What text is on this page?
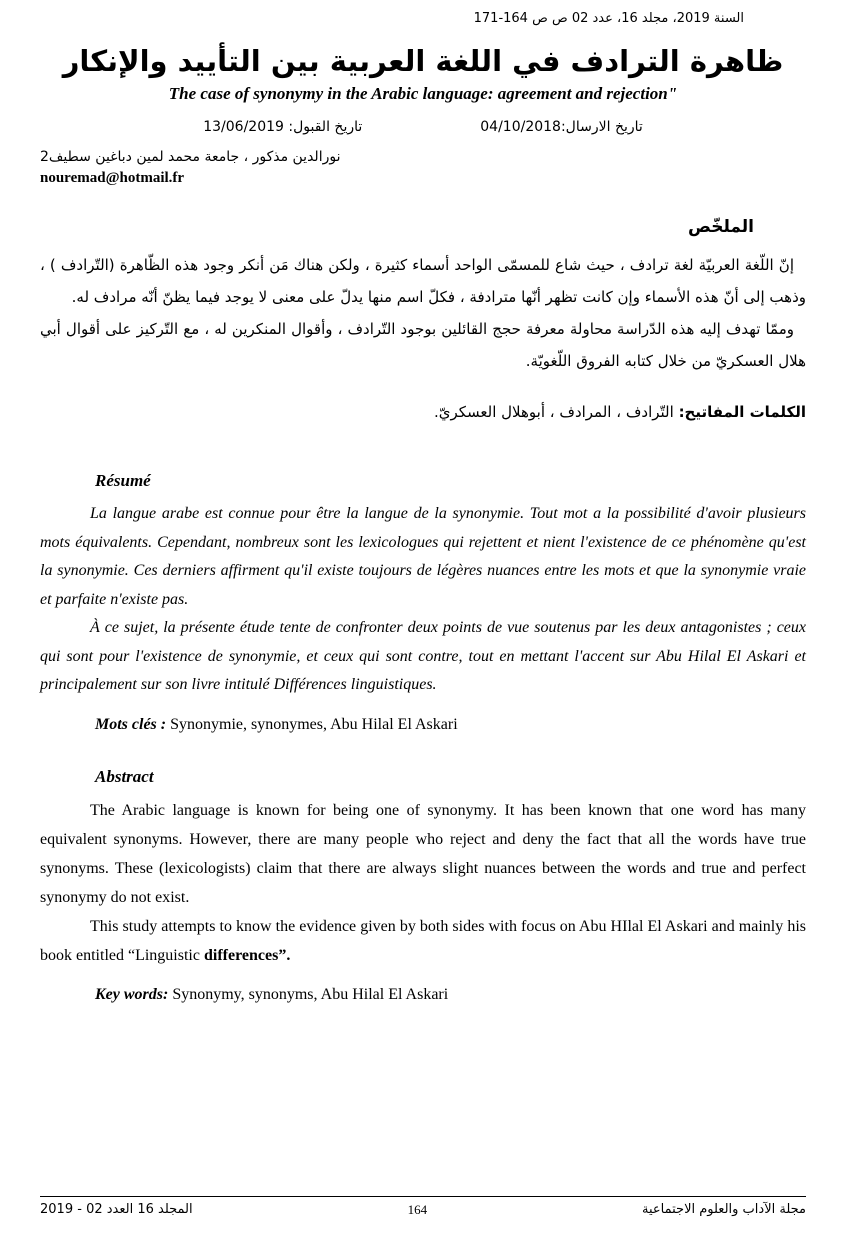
السنة 2019، مجلد 16، عدد 02 ص ص 164-171
ظاهرة الترادف في اللغة العربية بين التأييد والإنكار
The case of synonymy in the Arabic language: agreement and rejection"
تاريخ الارسال:04/10/2018
تاريخ القبول: 13/06/2019
نورالدين مذكور ، جامعة محمد لمين دباغين سطيف2
nouremad@hotmail.fr
الملخّص

إنّ اللّغة العربيّة لغة ترادف ، حيث شاع للمسمّى الواحد أسماء كثيرة ، ولكن هناك مَن أنكر وجود هذه الظّاهرة (التّرادف ) ، وذهب إلى أنّ هذه الأسماء وإن كانت تظهر أنّها مترادفة ، فكلّ اسم منها يدلّ على معنى لا يوجد فيما يظنّ أنّه مرادف له.

وممّا تهدف إليه هذه الدّراسة محاولة معرفة حجج القائلين بوجود التّرادف ، وأقوال المنكرين له ، مع التّركيز على أقوال أبي هلال العسكريّ من خلال كتابه الفروق اللّغويّة.

الكلمات المفاتيح: التّرادف ، المرادف ، أبوهلال العسكريّ.
Résumé

La langue arabe est connue pour être la langue de la synonymie. Tout mot a la possibilité d'avoir plusieurs mots équivalents. Cependant, nombreux sont les lexicologues qui rejettent et nient l'existence de ce phénomène qu'est la synonymie. Ces derniers affirment qu'il existe toujours de légères nuances entre les mots et que la synonymie vraie et parfaite n'existe pas.

À ce sujet, la présente étude tente de confronter deux points de vue soutenus par les deux antagonistes ; ceux qui sont pour l'existence de synonymie, et ceux qui sont contre, tout en mettant l'accent sur Abu Hilal El Askari et principalement sur son livre intitulé Différences linguistiques.

Mots clés : Synonymie, synonymes, Abu Hilal El Askari
Abstract

The Arabic language is known for being one of synonymy. It has been known that one word has many equivalent synonyms. However, there are many people who reject and deny the fact that all the words have true synonyms. These (lexicologists) claim that there are always slight nuances between the words and true and perfect synonymy do not exist.

This study attempts to know the evidence given by both sides with focus on Abu HIlal El Askari and mainly his book entitled “Linguistic differences”.

Key words: Synonymy, synonyms, Abu Hilal El Askari
المجلد 16 العدد 02 - 2019	164	مجلة الآداب والعلوم الاجتماعية
